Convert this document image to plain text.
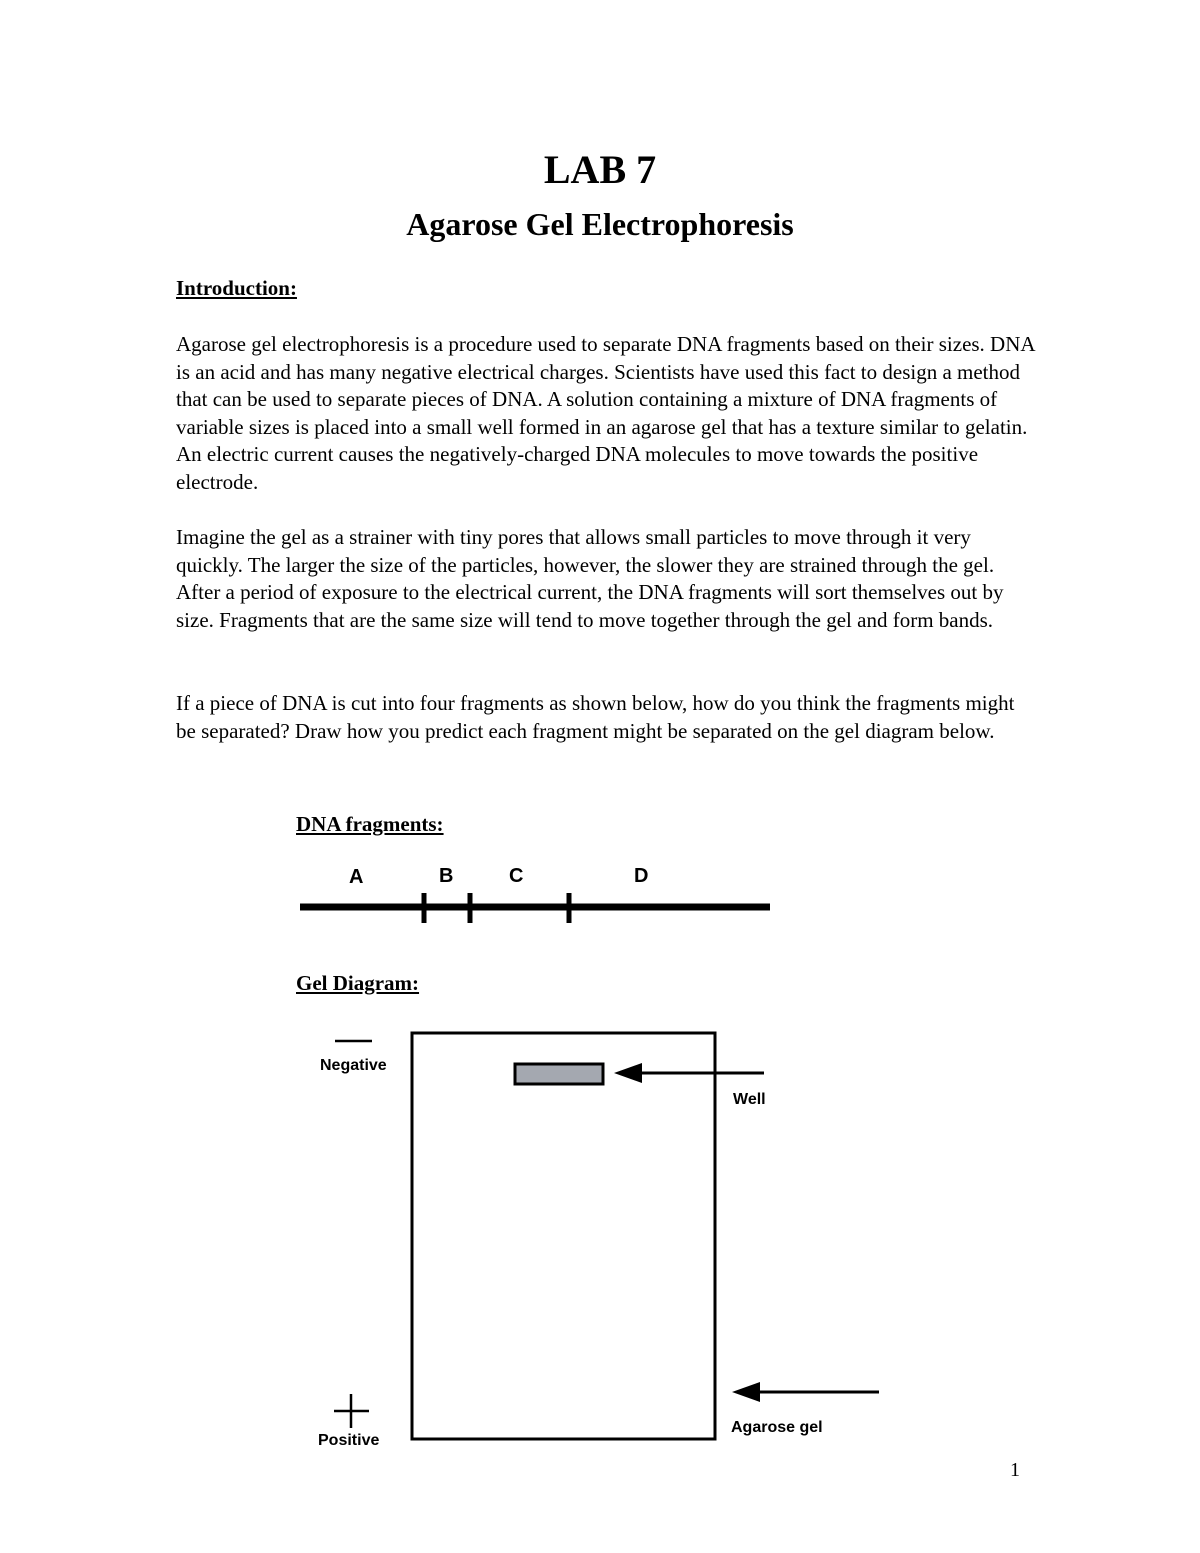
LAB 7
Agarose Gel Electrophoresis
Introduction:

Agarose gel electrophoresis is a procedure used to separate DNA fragments based on their sizes. DNA is an acid and has many negative electrical charges. Scientists have used this fact to design a method that can be used to separate pieces of DNA. A solution containing a mixture of DNA fragments of variable sizes is placed into a small well formed in an agarose gel that has a texture similar to gelatin. An electric current causes the negatively-charged DNA molecules to move towards the positive electrode.

Imagine the gel as a strainer with tiny pores that allows small particles to move through it very quickly. The larger the size of the particles, however, the slower they are strained through the gel. After a period of exposure to the electrical current, the DNA fragments will sort themselves out by size. Fragments that are the same size will tend to move together through the gel and form bands.

If a piece of DNA is cut into four fragments as shown below, how do you think the fragments might be separated? Draw how you predict each fragment might be separated on the gel diagram below.

DNA fragments:
A	B	C	D
Gel Diagram:
Negative
Well
Positive
Agarose gel
1
